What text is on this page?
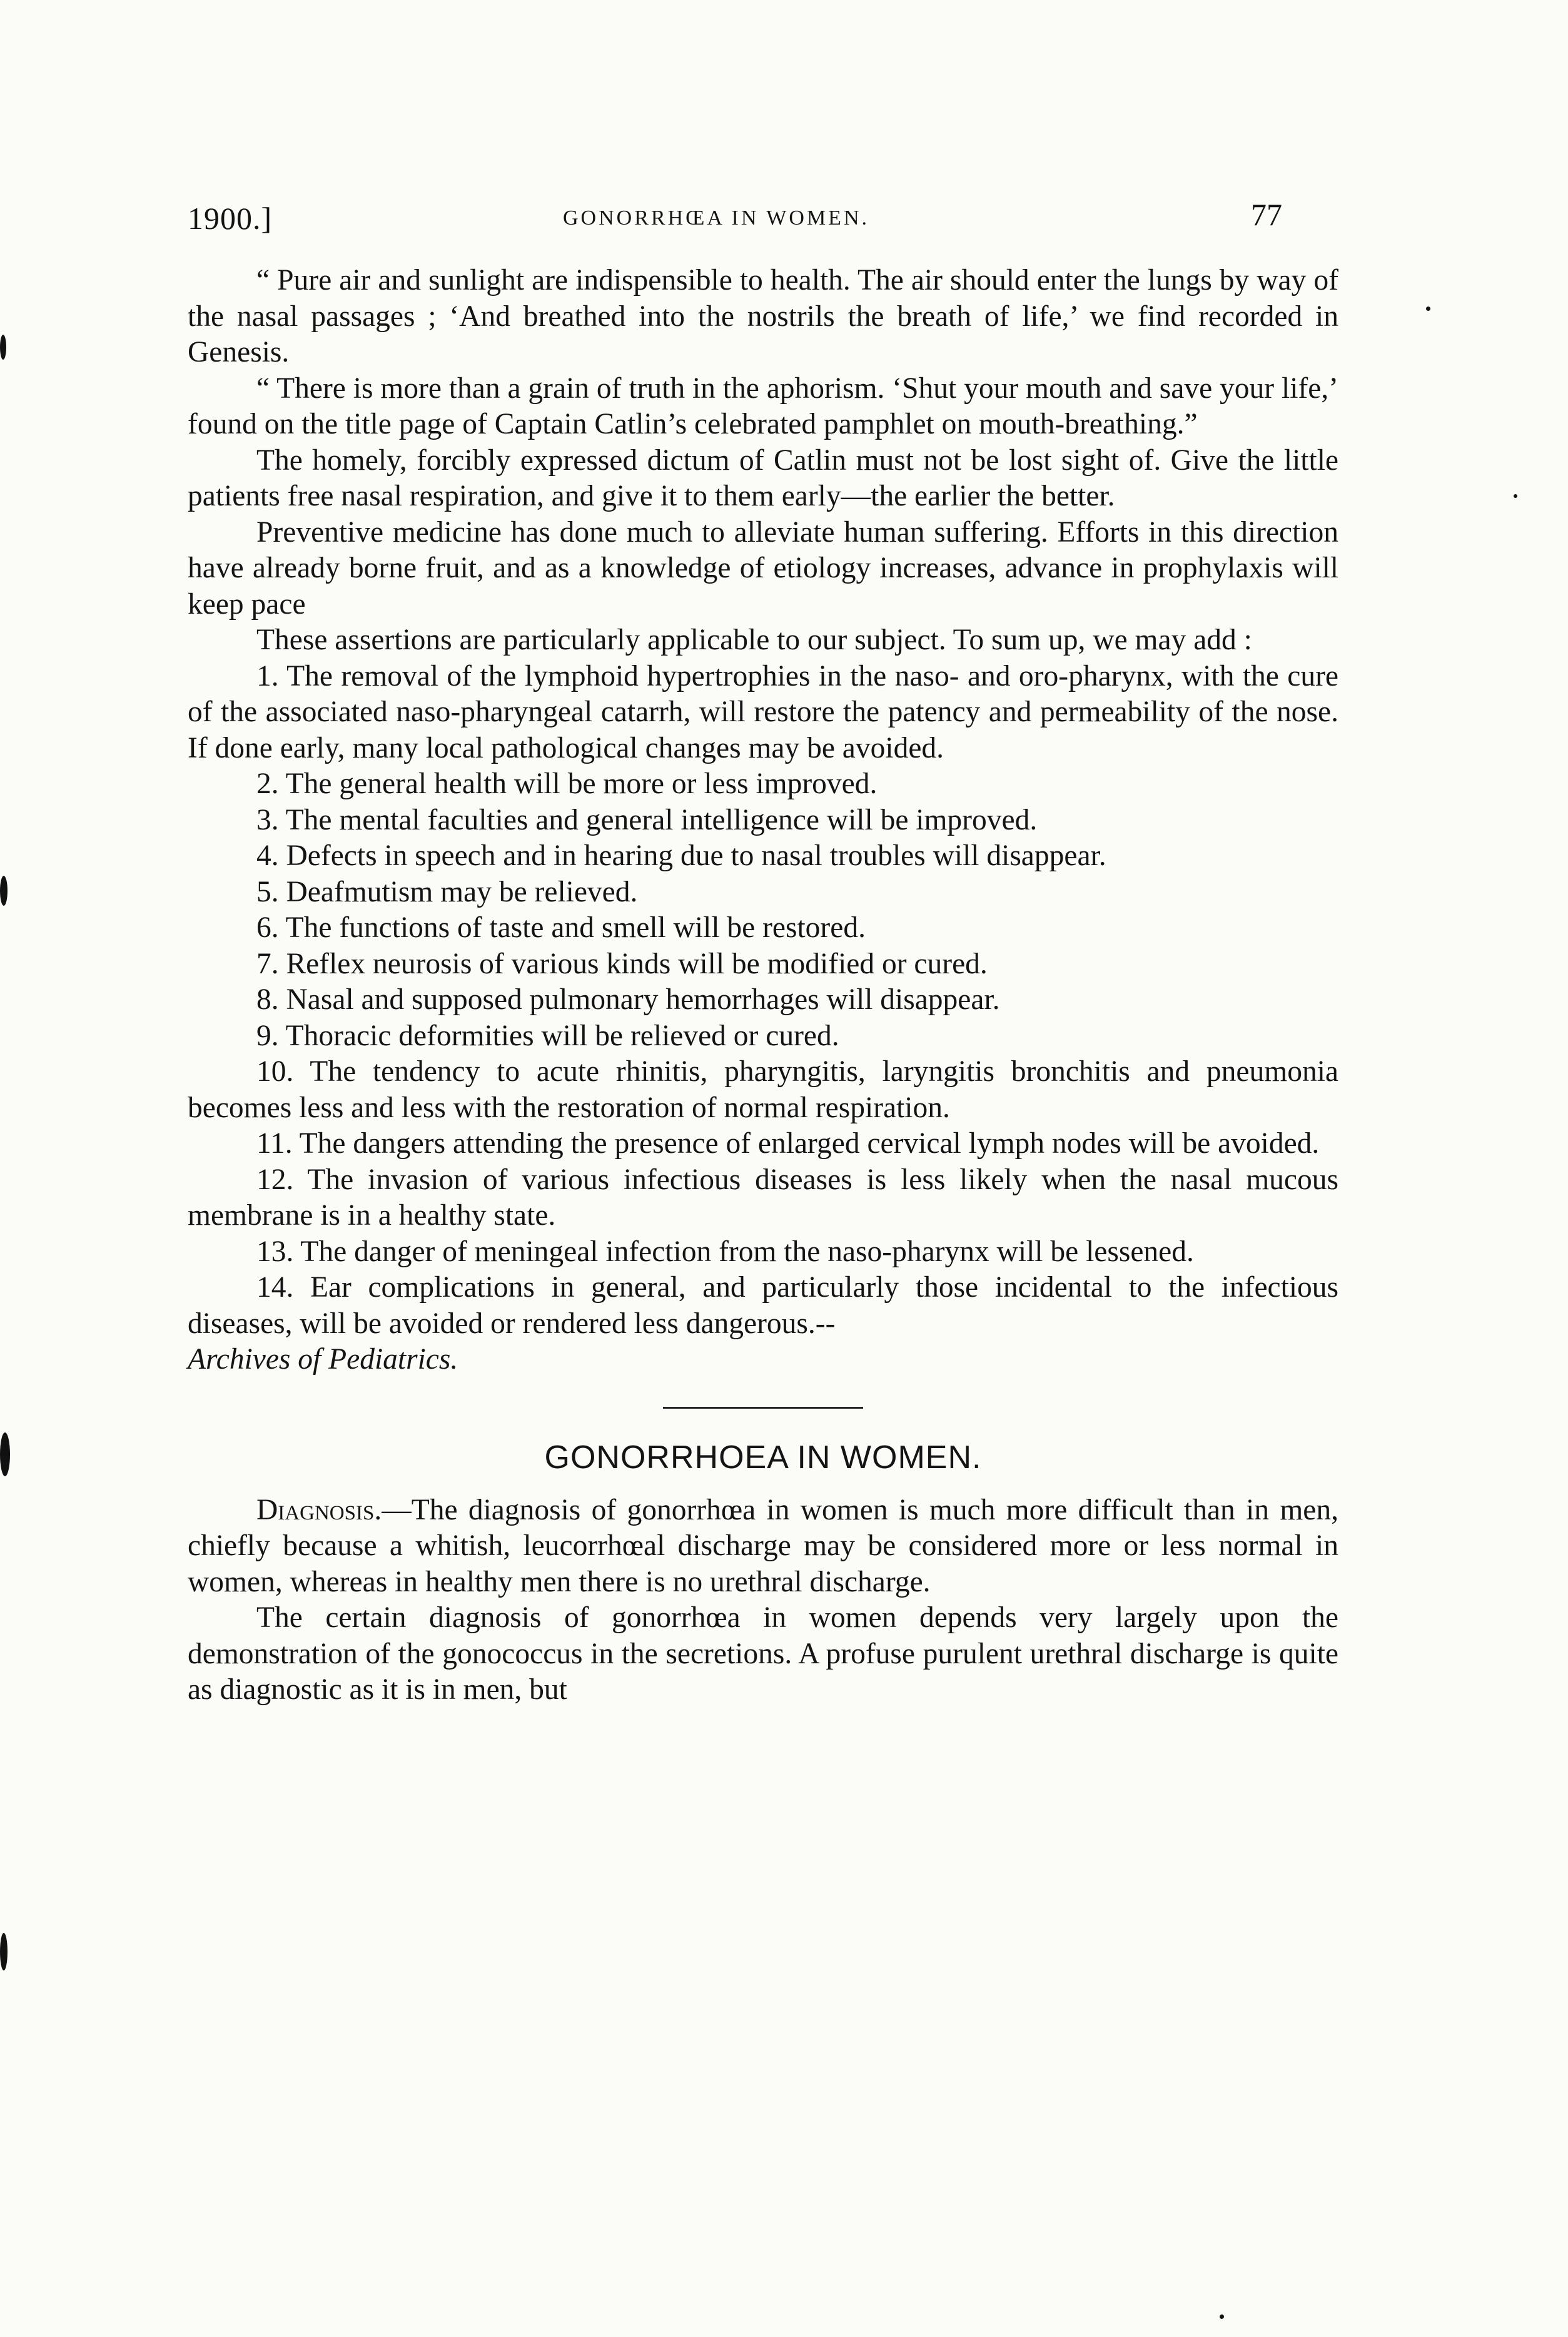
1900.]	GONORRHŒA IN WOMEN.	77

“ Pure air and sunlight are indispensible to health. The air should enter the lungs by way of the nasal passages ; ‘And breathed into the nostrils the breath of life,’ we find recorded in Genesis.

“ There is more than a grain of truth in the aphorism. ‘Shut your mouth and save your life,’ found on the title page of Captain Catlin’s celebrated pamphlet on mouth-breathing.”

The homely, forcibly expressed dictum of Catlin must not be lost sight of. Give the little patients free nasal respiration, and give it to them early—the earlier the better.

Preventive medicine has done much to alleviate human suffering. Efforts in this direction have already borne fruit, and as a knowledge of etiology increases, advance in prophylaxis will keep pace

These assertions are particularly applicable to our subject. To sum up, we may add :

1. The removal of the lymphoid hypertrophies in the naso- and oro-pharynx, with the cure of the associated naso-pharyngeal catarrh, will restore the patency and permeability of the nose. If done early, many local pathological changes may be avoided.

2. The general health will be more or less improved.

3. The mental faculties and general intelligence will be improved.

4. Defects in speech and in hearing due to nasal troubles will disappear.

5. Deafmutism may be relieved.

6. The functions of taste and smell will be restored.

7. Reflex neurosis of various kinds will be modified or cured.

8. Nasal and supposed pulmonary hemorrhages will disappear.

9. Thoracic deformities will be relieved or cured.

10. The tendency to acute rhinitis, pharyngitis, laryngitis bronchitis and pneumonia becomes less and less with the restoration of normal respiration.

11. The dangers attending the presence of enlarged cervical lymph nodes will be avoided.

12. The invasion of various infectious diseases is less likely when the nasal mucous membrane is in a healthy state.

13. The danger of meningeal infection from the naso-pharynx will be lessened.

14. Ear complications in general, and particularly those incidental to the infectious diseases, will be avoided or rendered less dangerous.--

Archives of Pediatrics.

GONORRHOEA IN WOMEN.

Diagnosis.—The diagnosis of gonorrhœa in women is much more difficult than in men, chiefly because a whitish, leucorrhœal discharge may be considered more or less normal in women, whereas in healthy men there is no urethral discharge.

The certain diagnosis of gonorrhœa in women depends very largely upon the demonstration of the gonococcus in the secretions. A profuse purulent urethral discharge is quite as diagnostic as it is in men, but
